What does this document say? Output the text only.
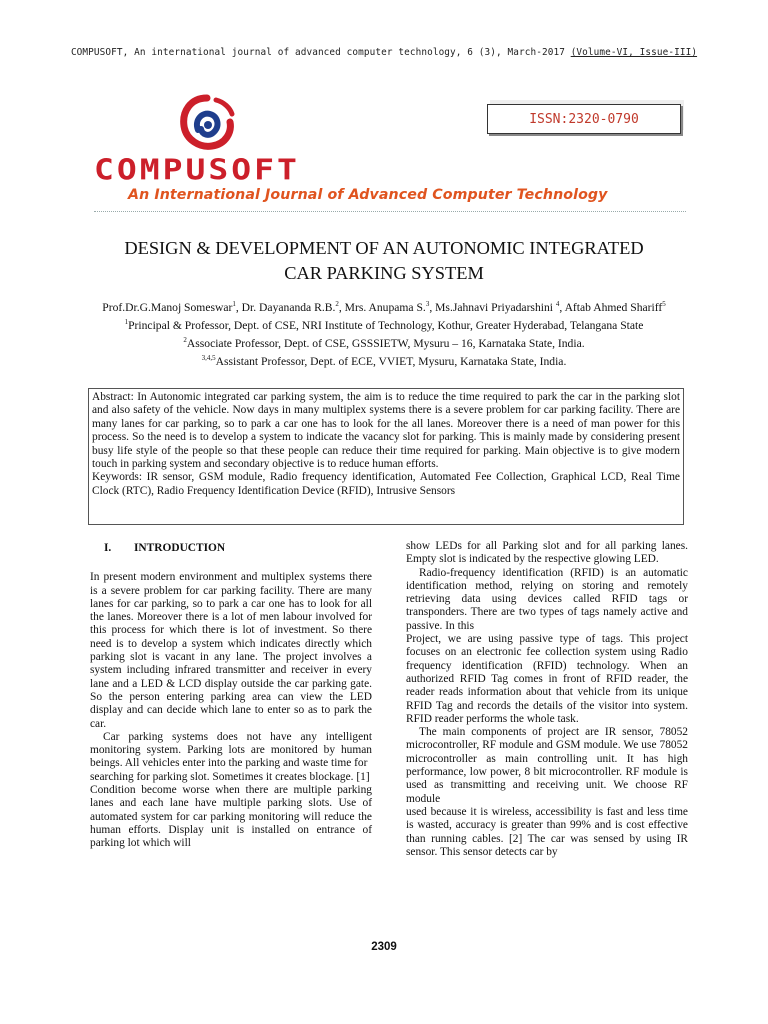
COMPUSOFT, An international journal of advanced computer technology, 6 (3), March-2017 (Volume-VI, Issue-III)
ISSN:2320-0790
COMPUSOFT
An International Journal of Advanced Computer Technology
DESIGN & DEVELOPMENT OF AN AUTONOMIC INTEGRATED
CAR PARKING SYSTEM
Prof.Dr.G.Manoj Someswar$^1$, Dr. Dayananda R.B.$^2$, Mrs. Anupama S.$^3$, Ms.Jahnavi Priyadarshini $^4$, Aftab Ahmed Shariff$^5$
$^1$Principal & Professor, Dept. of CSE, NRI Institute of Technology, Kothur, Greater Hyderabad, Telangana State
$^2$Associate Professor, Dept. of CSE, GSSSIETW, Mysuru – 16, Karnataka State, India.
$^{3,4,5}$Assistant Professor, Dept. of ECE, VVIET, Mysuru, Karnataka State, India.

Abstract: In Autonomic integrated car parking system, the aim is to reduce the time required to park the car in the parking slot and also safety of the vehicle. Now days in many multiplex systems there is a severe problem for car parking facility. There are many lanes for car parking, so to park a car one has to look for the all lanes. Moreover there is a need of man power for this process. So the need is to develop a system to indicate the vacancy slot for parking. This is mainly made by considering present busy life style of the people so that these people can reduce their time required for parking. Main objective is to give modern touch in parking system and secondary objective is to reduce human efforts.

Keywords: IR sensor, GSM module, Radio frequency identification, Automated Fee Collection, Graphical LCD, Real Time Clock (RTC), Radio Frequency Identification Device (RFID), Intrusive Sensors

I. INTRODUCTION

In present modern environment and multiplex systems there is a severe problem for car parking facility. There are many lanes for car parking, so to park a car one has to look for all the lanes. Moreover there is a lot of men labour involved for this process for which there is lot of investment. So there need is to develop a system which indicates directly which parking slot is vacant in any lane. The project involves a system including infrared transmitter and receiver in every lane and a LED & LCD display outside the car parking gate. So the person entering parking area can view the LED display and can decide which lane to enter so as to park the car.

Car parking systems does not have any intelligent monitoring system. Parking lots are monitored by human beings. All vehicles enter into the parking and waste time for

searching for parking slot. Sometimes it creates blockage. [1]

Condition become worse when there are multiple parking lanes and each lane have multiple parking slots. Use of automated system for car parking monitoring will reduce the human efforts. Display unit is installed on entrance of parking lot which will

show LEDs for all Parking slot and for all parking lanes. Empty slot is indicated by the respective glowing LED.

Radio-frequency identification (RFID) is an automatic identification method, relying on storing and remotely retrieving data using devices called RFID tags or transponders. There are two types of tags namely active and passive. In this

Project, we are using passive type of tags. This project focuses on an electronic fee collection system using Radio frequency identification (RFID) technology. When an authorized RFID Tag comes in front of RFID reader, the reader reads information about that vehicle from its unique RFID Tag and records the details of the visitor into system. RFID reader performs the whole task.

The main components of project are IR sensor, 78052 microcontroller, RF module and GSM module. We use 78052 microcontroller as main controlling unit. It has high performance, low power, 8 bit microcontroller. RF module is used as transmitting and receiving unit. We choose RF module

used because it is wireless, accessibility is fast and less time is wasted, accuracy is greater than 99% and is cost effective than running cables. [2] The car was sensed by using IR sensor. This sensor detects car by

2309
